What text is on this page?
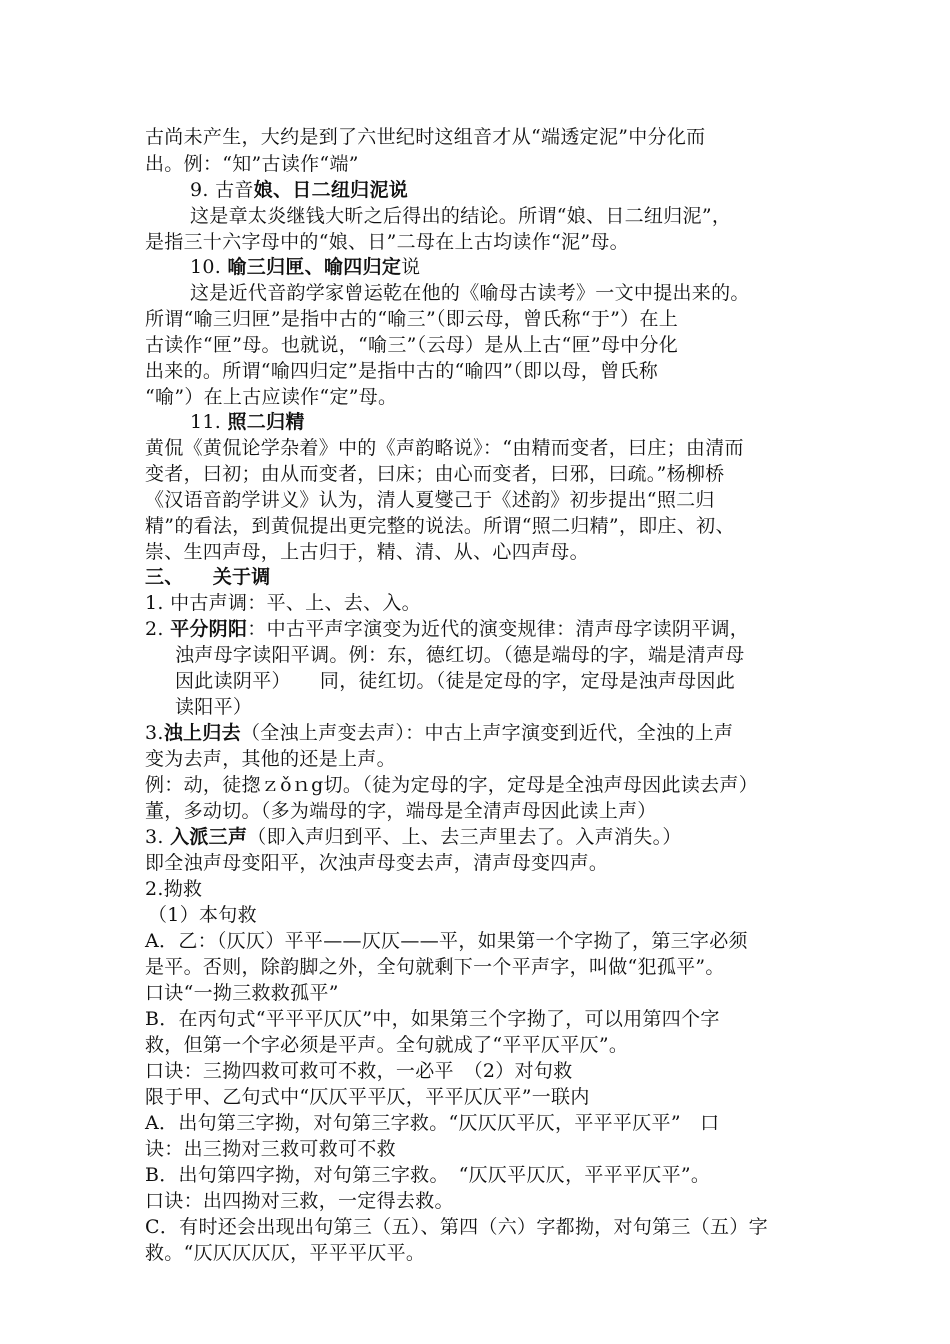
古尚未产生，大约是到了六世纪时这组音才从“端透定泥”中分化而
出。例：“知”古读作“端”
9. 古音娘、日二纽归泥说
这是章太炎继钱大昕之后得出的结论。所谓“娘、日二纽归泥”，
是指三十六字母中的“娘、日”二母在上古均读作“泥”母。
10. 喻三归匣、喻四归定说
这是近代音韵学家曾运乾在他的《喻母古读考》一文中提出来的。
所谓“喻三归匣”是指中古的“喻三”（即云母，曾氏称“于”）在上
古读作“匣”母。也就说，“喻三”（云母）是从上古“匣”母中分化
出来的。所谓“喻四归定”是指中古的“喻四”（即以母，曾氏称
“喻”）在上古应读作“定”母。
11. 照二归精
黄侃《黄侃论学杂着》中的《声韵略说》：“由精而变者，曰庄；由清而
变者，曰初；由从而变者，曰床；由心而变者，曰邪，曰疏。”杨柳桥
《汉语音韵学讲义》认为，清人夏燮己于《述韵》初步提出“照二归
精”的看法，到黄侃提出更完整的说法。所谓“照二归精”，即庄、初、
崇、生四声母，上古归于，精、清、从、心四声母。
三、　　关于调
1. 中古声调：平、上、去、入。
2. 平分阴阳：中古平声字演变为近代的演变规律：清声母字读阴平调，
浊声母字读阳平调。例：东，德红切。（德是端母的字，端是清声母
因此读阴平）　　同，徒红切。（徒是定母的字，定母是浊声母因此
读阳平）
3.浊上归去（全浊上声变去声）：中古上声字演变到近代，全浊的上声
变为去声，其他的还是上声。
例：动，徒揔ｚǒｎg切。（徒为定母的字，定母是全浊声母因此读去声）
董，多动切。（多为端母的字，端母是全清声母因此读上声）
3. 入派三声（即入声归到平、上、去三声里去了。入声消失。）
即全浊声母变阳平，次浊声母变去声，清声母变四声。
2.拗救
（1）本句救
A．乙：（仄仄）平平——仄仄——平，如果第一个字拗了，第三字必须
是平。否则，除韵脚之外，全句就剩下一个平声字，叫做“犯孤平”。
口诀“一拗三救救孤平”
B．在丙句式“平平平仄仄”中，如果第三个字拗了，可以用第四个字
救，但第一个字必须是平声。全句就成了“平平仄平仄”。
口诀：三拗四救可救可不救，一必平　（2）对句救
限于甲、乙句式中“仄仄平平仄，平平仄仄平”一联内
A．出句第三字拗，对句第三字救。“仄仄仄平仄，平平平仄平”　口
诀：出三拗对三救可救可不救
B．出句第四字拗，对句第三字救。　“仄仄平仄仄，平平平仄平”。
口诀：出四拗对三救，一定得去救。
C．有时还会出现出句第三（五）、第四（六）字都拗，对句第三（五）字
救。“仄仄仄仄仄，平平平仄平。
